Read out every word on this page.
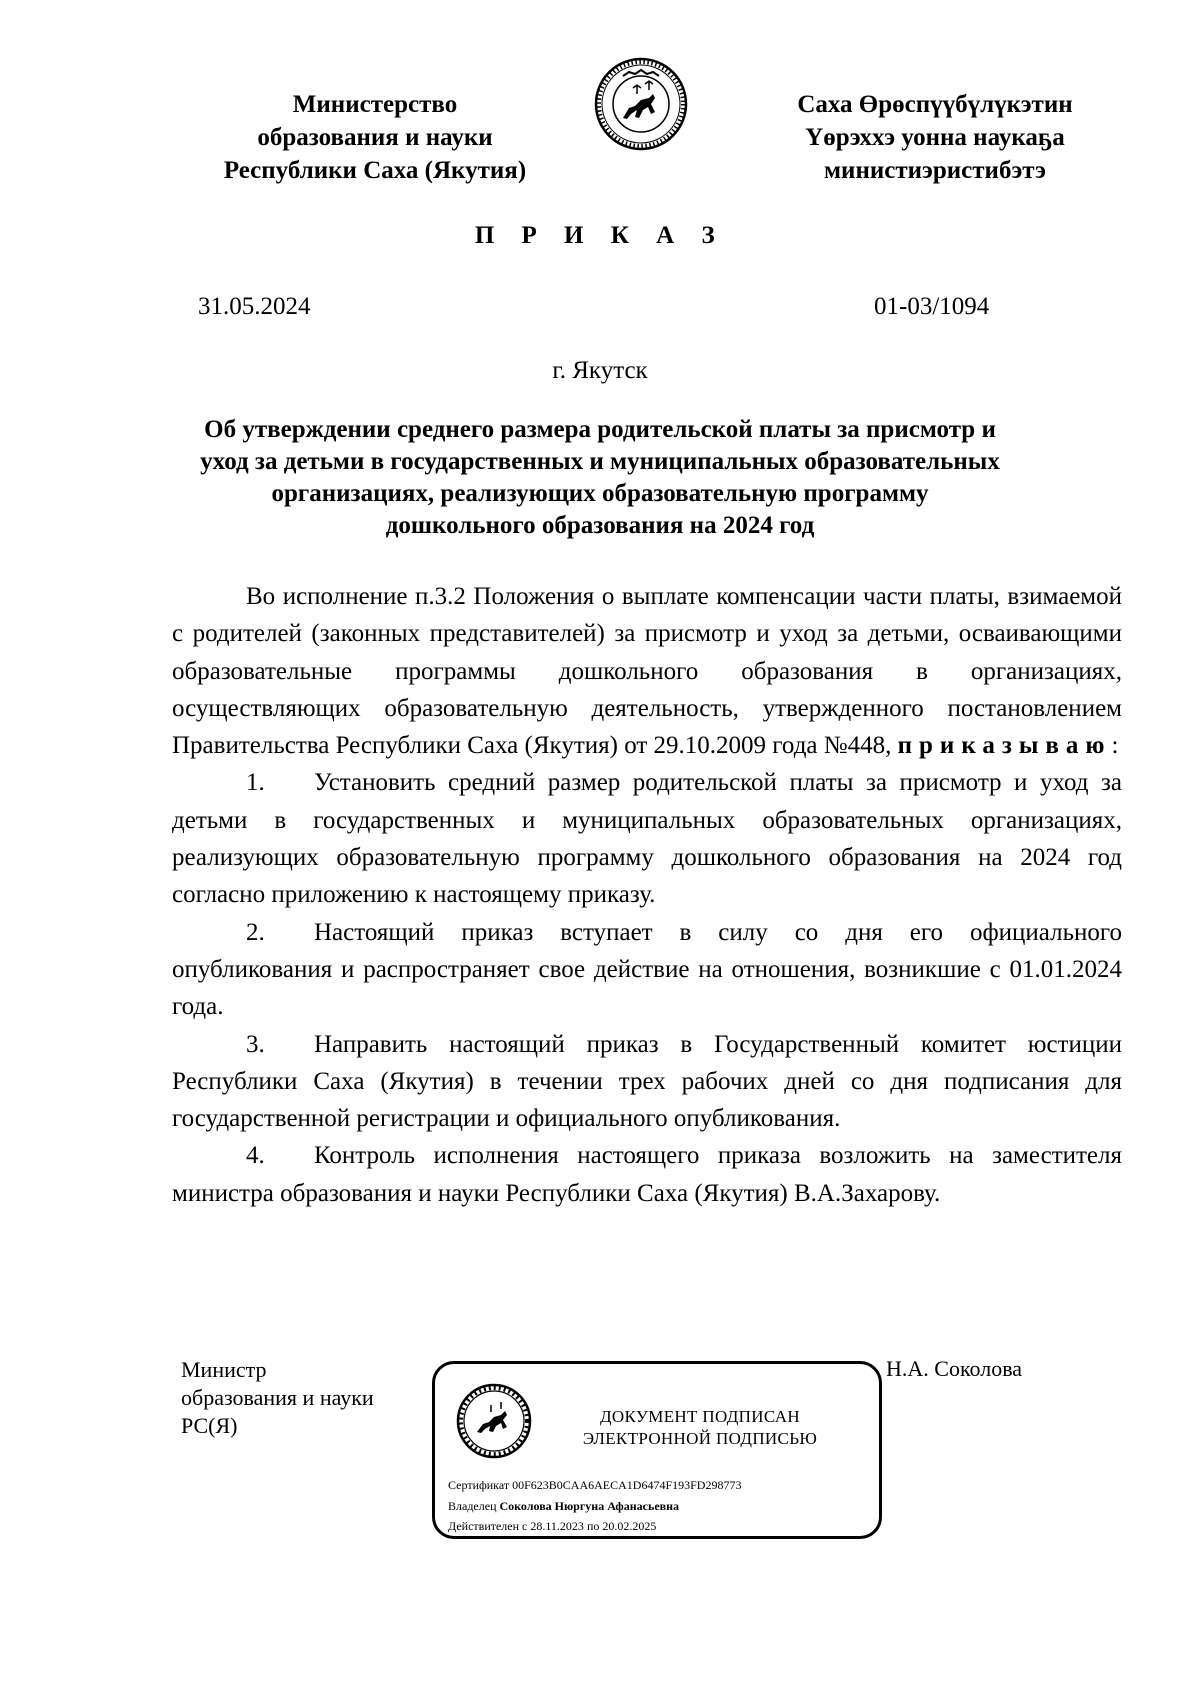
Министерство
образования и науки
Республики Саха (Якутия)
Саха Өрөспүүбүлүкэтин
Үөрэххэ уонна наукаҕа
министиэристибэтэ
П Р И К А З
31.05.2024	01-03/1094
г. Якутск
Об утверждении среднего размера родительской платы за присмотр и
уход за детьми в государственных и муниципальных образовательных
организациях, реализующих образовательную программу
дошкольного образования на 2024 год
Во исполнение п.3.2 Положения о выплате компенсации части платы, взимаемой с родителей (законных представителей) за присмотр и уход за детьми, осваивающими образовательные программы дошкольного образования в организациях, осуществляющих образовательную деятельность, утвержденного постановлением Правительства Республики Саха (Якутия) от 29.10.2009 года №448, приказываю:
1. Установить средний размер родительской платы за присмотр и уход за детьми в государственных и муниципальных образовательных организациях, реализующих образовательную программу дошкольного образования на 2024 год согласно приложению к настоящему приказу.
2. Настоящий приказ вступает в силу со дня его официального опубликования и распространяет свое действие на отношения, возникшие с 01.01.2024 года.
3. Направить настоящий приказ в Государственный комитет юстиции Республики Саха (Якутия) в течении трех рабочих дней со дня подписания для государственной регистрации и официального опубликования.
4. Контроль исполнения настоящего приказа возложить на заместителя министра образования и науки Республики Саха (Якутия) В.А.Захарову.
Министр
образования и науки
РС(Я)
Н.А. Соколова
ДОКУМЕНТ ПОДПИСАН
ЭЛЕКТРОННОЙ ПОДПИСЬЮ
Сертификат 00F623B0CAA6AECA1D6474F193FD298773
Владелец Соколова Нюргуна Афанасьевна
Действителен с 28.11.2023 по 20.02.2025
